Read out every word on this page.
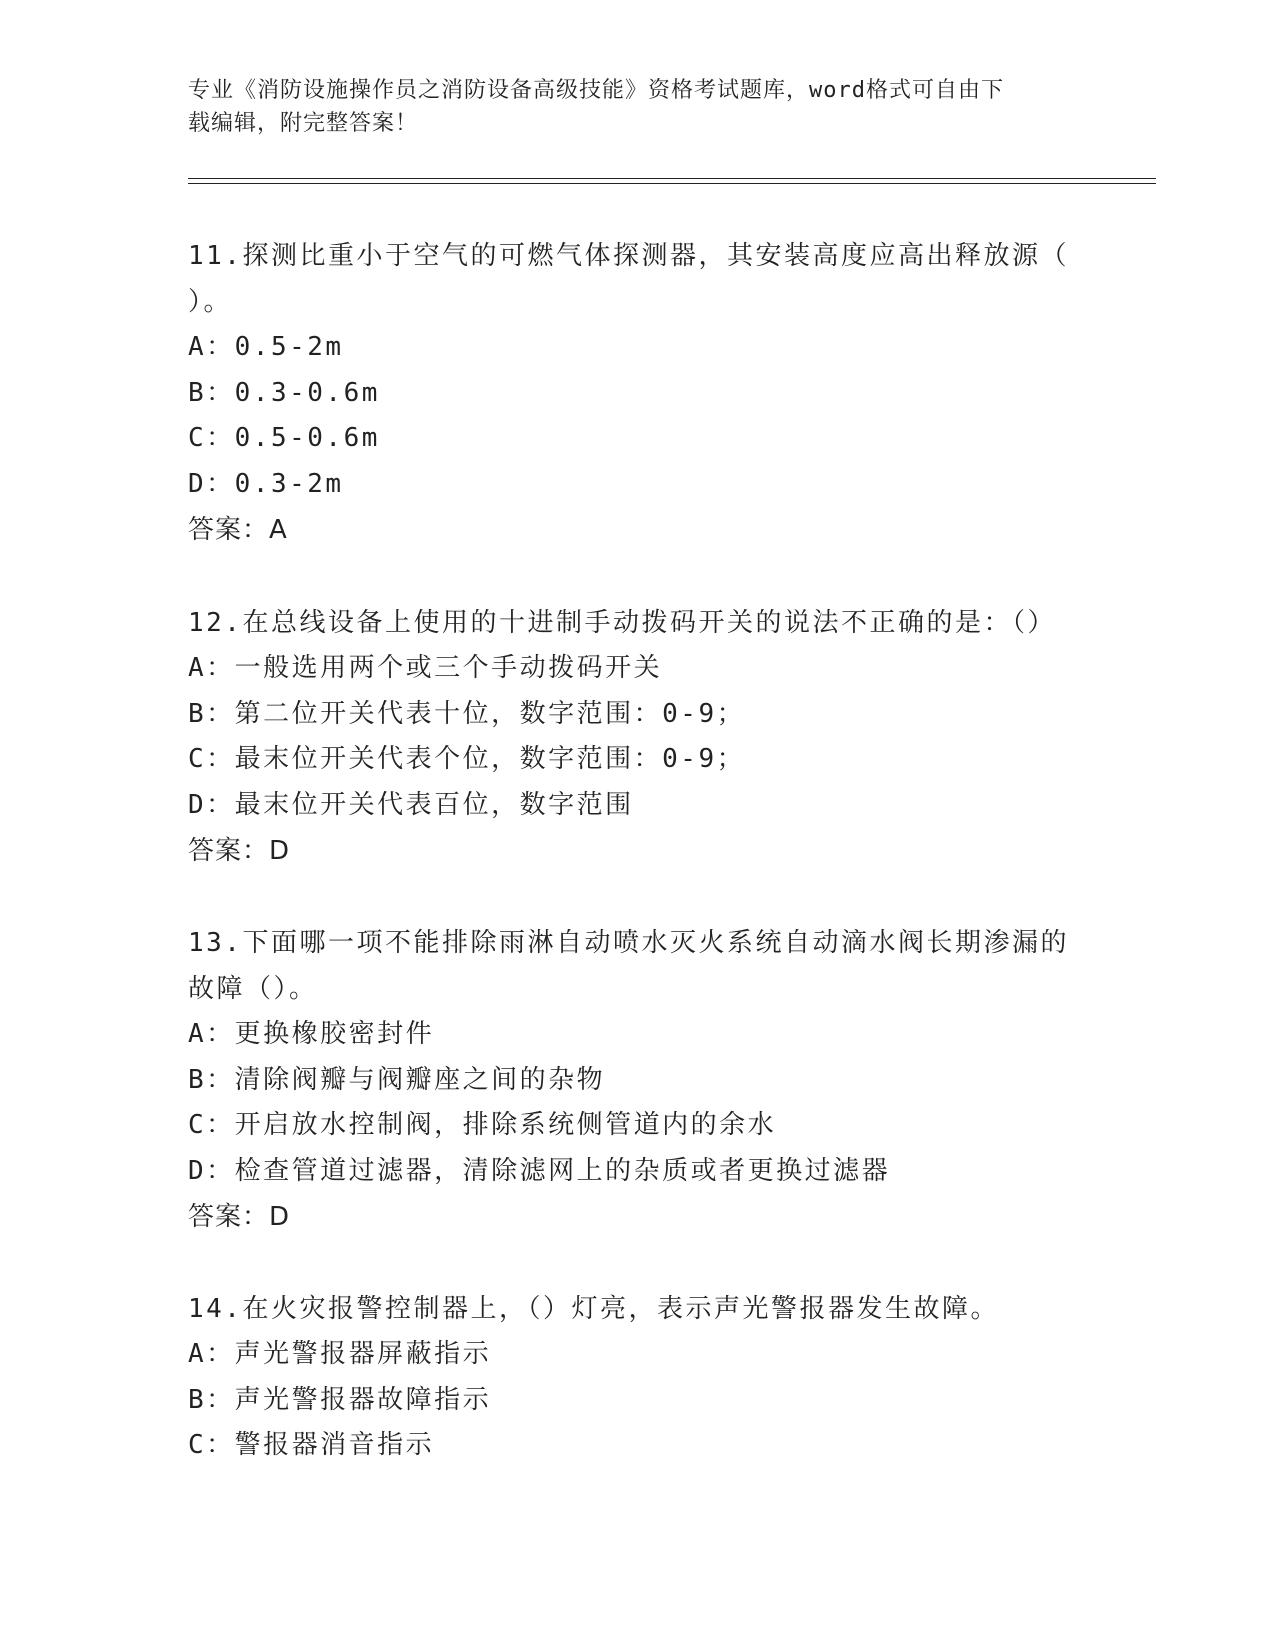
专业《消防设施操作员之消防设备高级技能》资格考试题库，word格式可自由下
载编辑，附完整答案！
11.探测比重小于空气的可燃气体探测器，其安装高度应高出释放源（
）。
A：0.5-2m
B：0.3-0.6m
C：0.5-0.6m
D：0.3-2m
答案：A
12.在总线设备上使用的十进制手动拨码开关的说法不正确的是：（）
A：一般选用两个或三个手动拨码开关
B：第二位开关代表十位，数字范围：0-9；
C：最末位开关代表个位，数字范围：0-9；
D：最末位开关代表百位，数字范围
答案：D
13.下面哪一项不能排除雨淋自动喷水灭火系统自动滴水阀长期渗漏的
故障（）。
A：更换橡胶密封件
B：清除阀瓣与阀瓣座之间的杂物
C：开启放水控制阀，排除系统侧管道内的余水
D：检查管道过滤器，清除滤网上的杂质或者更换过滤器
答案：D
14.在火灾报警控制器上，（）灯亮，表示声光警报器发生故障。
A：声光警报器屏蔽指示
B：声光警报器故障指示
C：警报器消音指示
